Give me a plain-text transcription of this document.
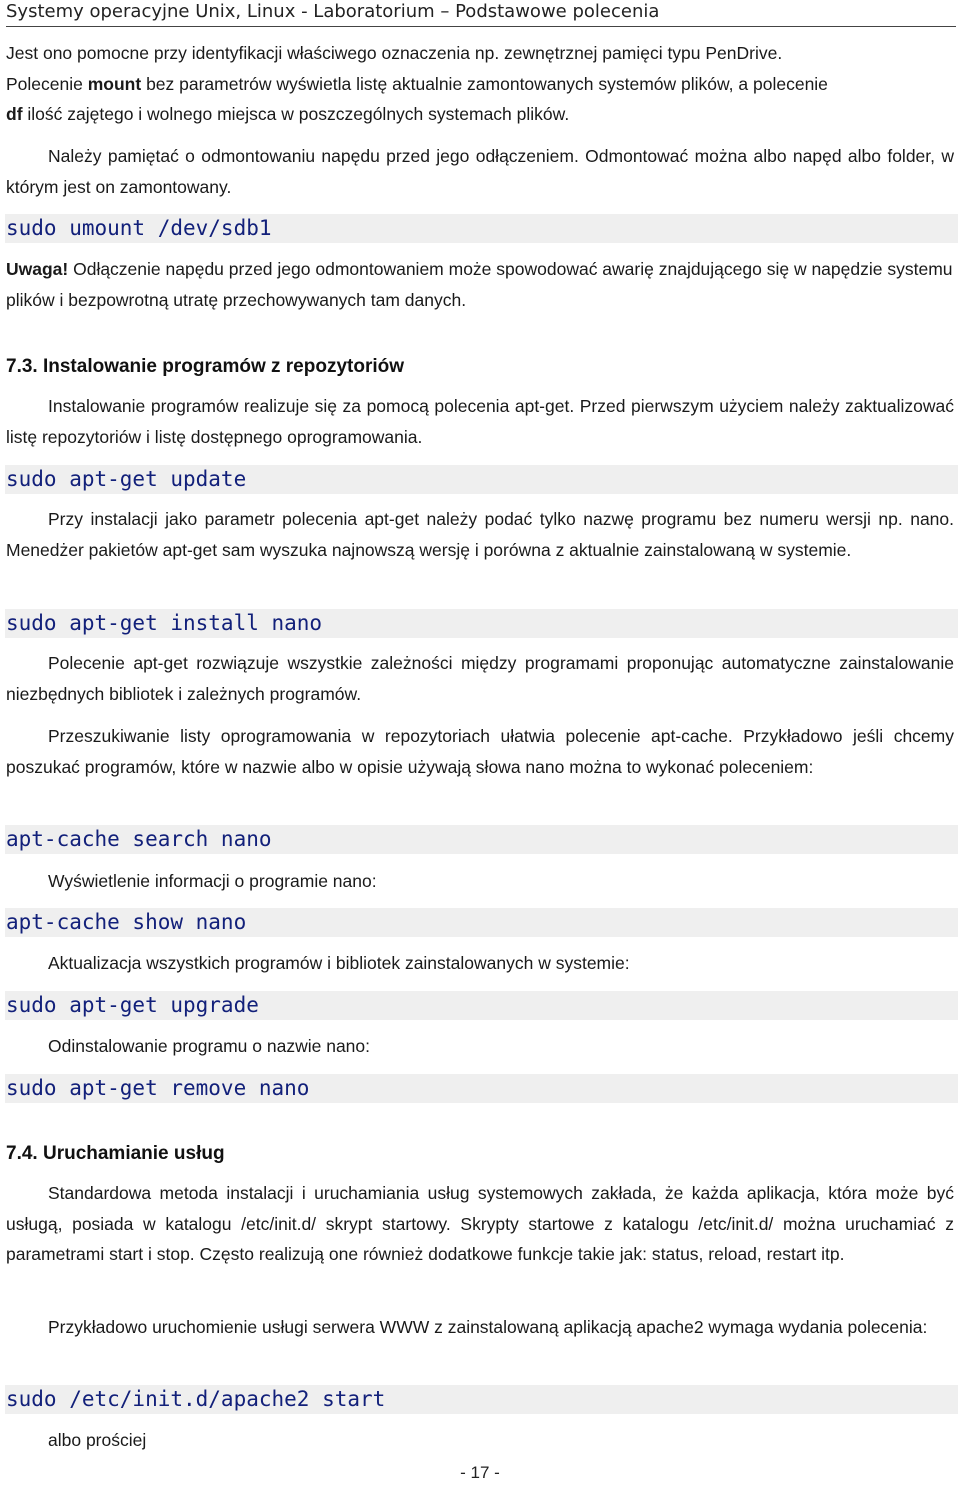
Systemy operacyjne Unix, Linux - Laboratorium – Podstawowe polecenia

Jest ono pomocne przy identyfikacji właściwego oznaczenia np. zewnętrznej pamięci typu PenDrive.
Polecenie mount bez parametrów wyświetla listę aktualnie zamontowanych systemów plików, a polecenie
df ilość zajętego i wolnego miejsca w poszczególnych systemach plików.

Należy pamiętać o odmontowaniu napędu przed jego odłączeniem. Odmontować można albo napęd albo folder, w którym jest on zamontowany.

sudo umount /dev/sdb1

Uwaga! Odłączenie napędu przed jego odmontowaniem może spowodować awarię znajdującego się w napędzie systemu plików i bezpowrotną utratę przechowywanych tam danych.

7.3. Instalowanie programów z repozytoriów

Instalowanie programów realizuje się za pomocą polecenia apt-get. Przed pierwszym użyciem należy zaktualizować listę repozytoriów i listę dostępnego oprogramowania.

sudo apt-get update

Przy instalacji jako parametr polecenia apt-get należy podać tylko nazwę programu bez numeru wersji np. nano. Menedżer pakietów apt-get sam wyszuka najnowszą wersję i porówna z aktualnie zainstalowaną w systemie.

sudo apt-get install nano

Polecenie apt-get rozwiązuje wszystkie zależności między programami proponując automatyczne zainstalowanie niezbędnych bibliotek i zależnych programów.

Przeszukiwanie listy oprogramowania w repozytoriach ułatwia polecenie apt-cache. Przykładowo jeśli chcemy poszukać programów, które w nazwie albo w opisie używają słowa nano można to wykonać poleceniem:

apt-cache search nano

Wyświetlenie informacji o programie nano:

apt-cache show nano

Aktualizacja wszystkich programów i bibliotek zainstalowanych w systemie:

sudo apt-get upgrade

Odinstalowanie programu o nazwie nano:

sudo apt-get remove nano
7.4. Uruchamianie usług

Standardowa metoda instalacji i uruchamiania usług systemowych zakłada, że każda aplikacja, która może być usługą, posiada w katalogu /etc/init.d/ skrypt startowy. Skrypty startowe z katalogu /etc/init.d/ można uruchamiać z parametrami start i stop. Często realizują one również dodatkowe funkcje takie jak: status, reload, restart itp.

Przykładowo uruchomienie usługi serwera WWW z zainstalowaną aplikacją apache2 wymaga wydania polecenia:

sudo /etc/init.d/apache2 start

albo prościej

- 17 -
